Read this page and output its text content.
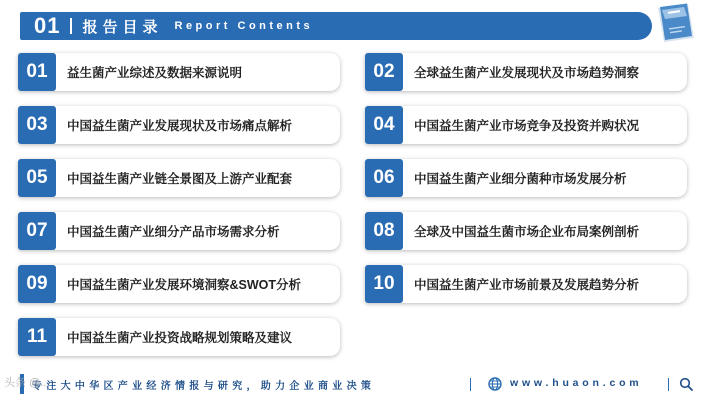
01 报告目录 Report Contents
01	益生菌产业综述及数据来源说明	02	全球益生菌产业发展现状及市场趋势洞察
03	中国益生菌产业发展现状及市场痛点解析	04	中国益生菌产业市场竞争及投资并购状况
05	中国益生菌产业链全景图及上游产业配套	06	中国益生菌产业细分菌种市场发展分析
07	中国益生菌产业细分产品市场需求分析	08	全球及中国益生菌市场企业布局案例剖析
09	中国益生菌产业发展环境洞察&SWOT分析	10	中国益生菌产业市场前景及发展趋势分析
11	中国益生菌产业投资战略规划策略及建议
专注大中华区产业经济情报与研究，助力企业商业决策	www.huaon.com
头条 @...
